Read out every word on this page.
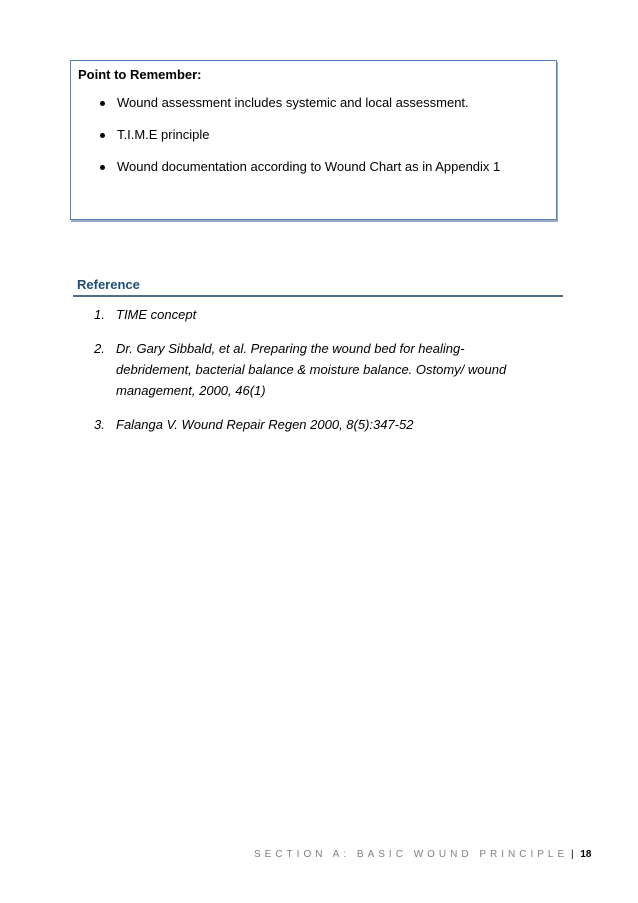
Point to Remember:
Wound assessment includes systemic and local assessment.
T.I.M.E principle
Wound documentation according to Wound Chart as in Appendix 1
Reference
1. TIME concept
2. Dr. Gary Sibbald, et al. Preparing the wound bed for healing-debridement, bacterial balance & moisture balance. Ostomy/ wound management, 2000, 46(1)
3. Falanga V. Wound Repair Regen 2000, 8(5):347-52
SECTION A: BASIC WOUND PRINCIPLE | 18
